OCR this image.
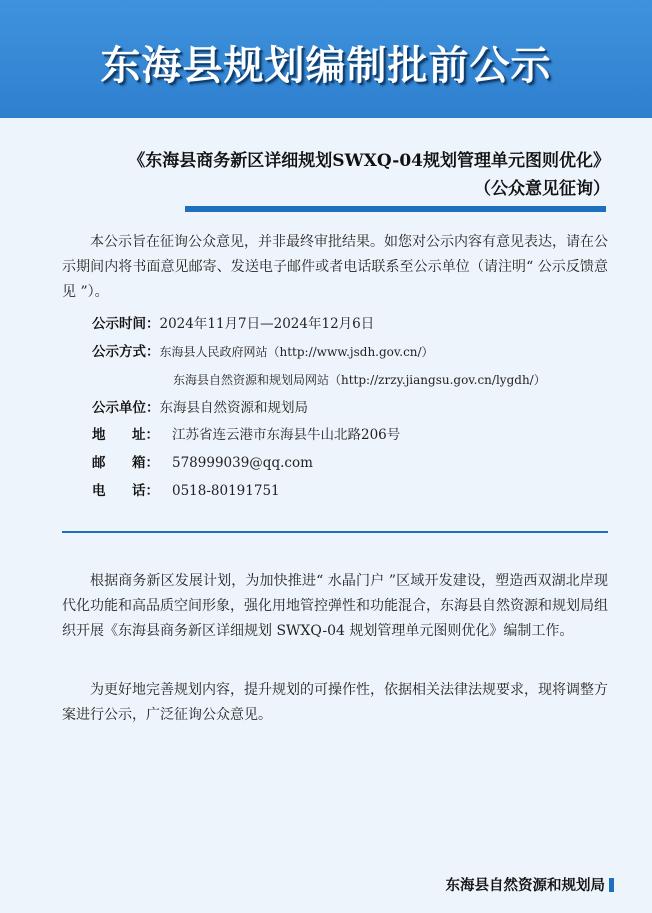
东海县规划编制批前公示
《东海县商务新区详细规划SWXQ-04规划管理单元图则优化》
（公众意见征询）
本公示旨在征询公众意见，并非最终审批结果。如您对公示内容有意见表达，请在公示期间内将书面意见邮寄、发送电子邮件或者电话联系至公示单位（请注明“ 公示反馈意见 ”）。
公示时间：2024年11月7日—2024年12月6日
公示方式：东海县人民政府网站（http://www.jsdh.gov.cn/）
东海县自然资源和规划局网站（http://zrzy.jiangsu.gov.cn/lygdh/）
公示单位：东海县自然资源和规划局
地 址： 江苏省连云港市东海县牛山北路206号
邮 箱： 578999039@qq.com
电 话： 0518-80191751
根据商务新区发展计划，为加快推进“ 水晶门户 ”区域开发建设，塑造西双湖北岸现代化功能和高品质空间形象，强化用地管控弹性和功能混合，东海县自然资源和规划局组织开展《东海县商务新区详细规划 SWXQ-04 规划管理单元图则优化》编制工作。
为更好地完善规划内容，提升规划的可操作性，依据相关法律法规要求，现将调整方案进行公示，广泛征询公众意见。
东海县自然资源和规划局
